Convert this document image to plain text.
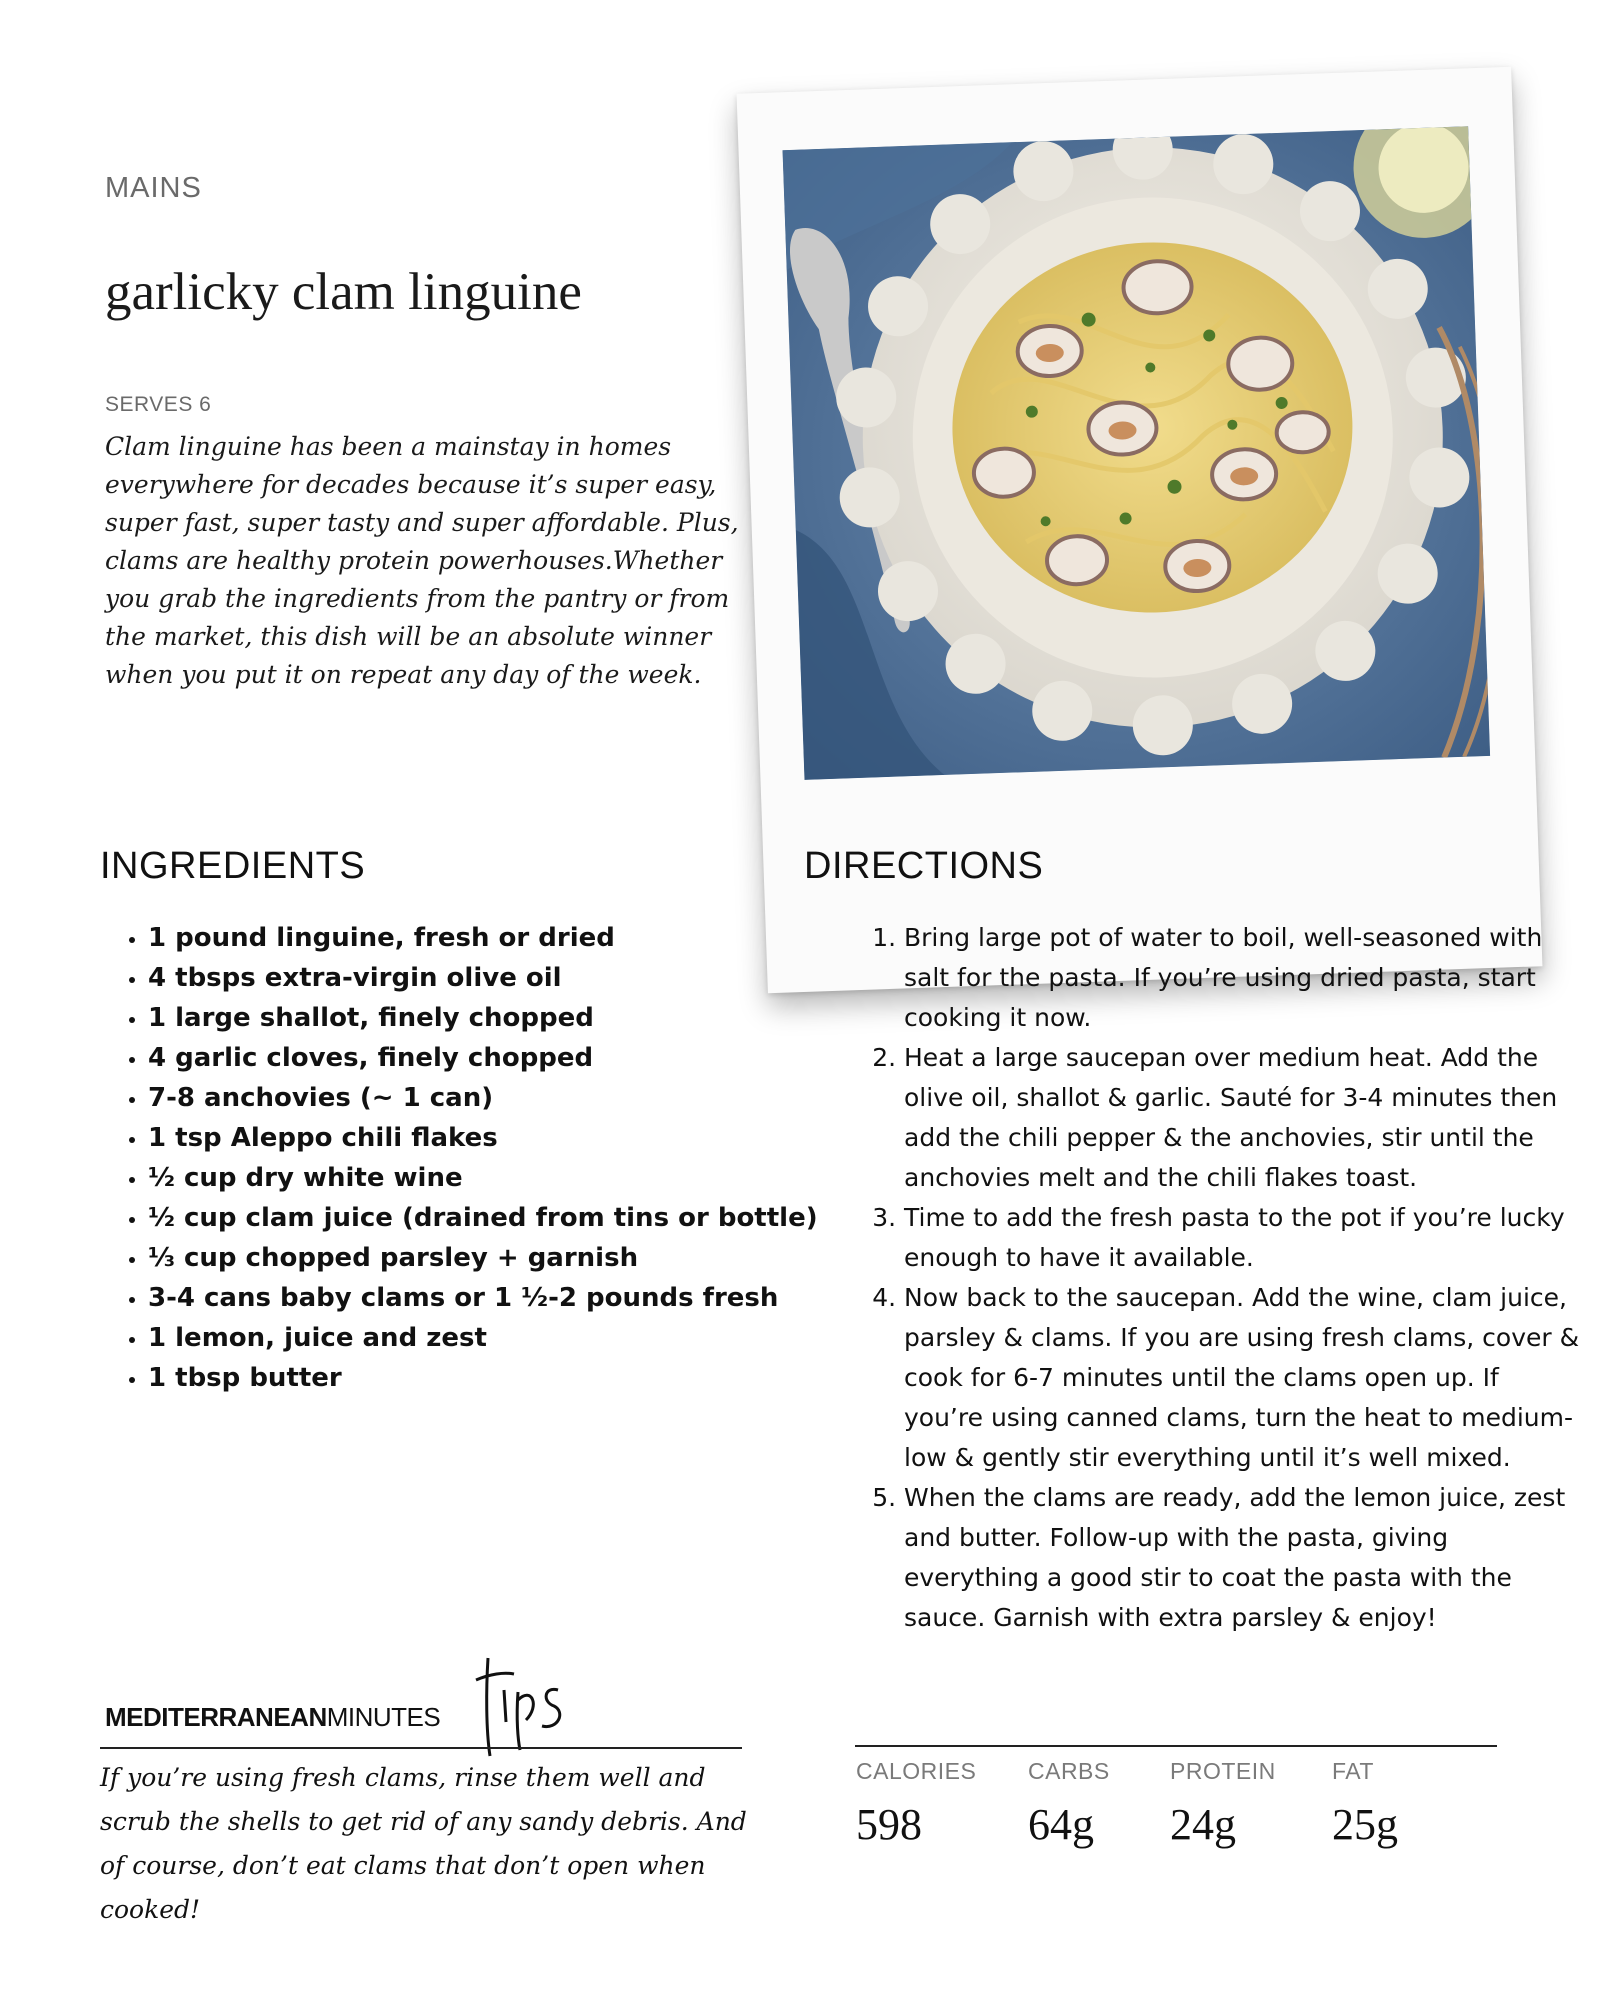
MAINS
garlicky clam linguine
SERVES 6
Clam linguine has been a mainstay in homes everywhere for decades because it’s super easy, super fast, super tasty and super affordable. Plus, clams are healthy protein powerhouses.Whether you grab the ingredients from the pantry or from the market, this dish will be an absolute winner when you put it on repeat any day of the week.
INGREDIENTS
• 1 pound linguine, fresh or dried
• 4 tbsps extra-virgin olive oil
• 1 large shallot, finely chopped
• 4 garlic cloves, finely chopped
• 7-8 anchovies (~ 1 can)
• 1 tsp Aleppo chili flakes
• ½ cup dry white wine
• ½ cup clam juice (drained from tins or bottle)
• ⅓ cup chopped parsley + garnish
• 3-4 cans baby clams or 1 ½-2 pounds fresh
• 1 lemon, juice and zest
• 1 tbsp butter
DIRECTIONS
1. Bring large pot of water to boil, well-seasoned with salt for the pasta. If you’re using dried pasta, start cooking it now.
2. Heat a large saucepan over medium heat. Add the olive oil, shallot & garlic. Sauté for 3-4 minutes then add the chili pepper & the anchovies, stir until the anchovies melt and the chili flakes toast.
3. Time to add the fresh pasta to the pot if you’re lucky enough to have it available.
4. Now back to the saucepan. Add the wine, clam juice, parsley & clams. If you are using fresh clams, cover & cook for 6-7 minutes until the clams open up. If you’re using canned clams, turn the heat to medium-low & gently stir everything until it’s well mixed.
5. When the clams are ready, add the lemon juice, zest and butter. Follow-up with the pasta, giving everything a good stir to coat the pasta with the sauce. Garnish with extra parsley & enjoy!
MEDITERRANEANMINUTES
If you’re using fresh clams, rinse them well and scrub the shells to get rid of any sandy debris. And of course, don’t eat clams that don’t open when cooked!
CALORIES
598
CARBS
64g
PROTEIN
24g
FAT
25g
